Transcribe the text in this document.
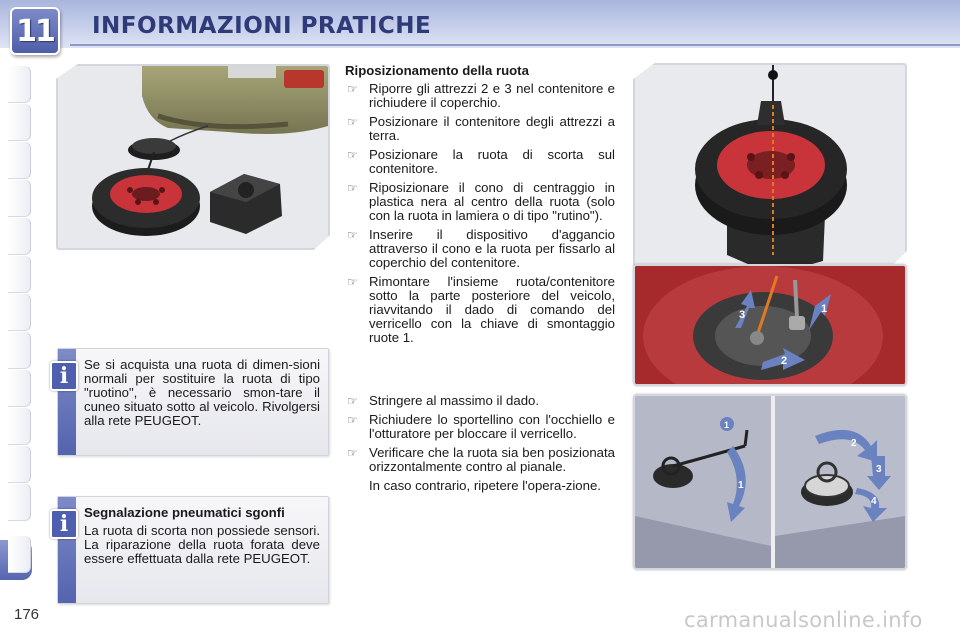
11 INFORMAZIONI PRATICHE
3	1
2
1
1
2
3
4
Riposizionamento della ruota
☞ Riporre gli attrezzi 2 e 3 nel contenitore e richiudere il coperchio.
☞ Posizionare il contenitore degli attrezzi a terra.
☞ Posizionare la ruota di scorta sul contenitore.
☞ Riposizionare il cono di centraggio in plastica nera al centro della ruota (solo con la ruota in lamiera o di tipo "rutino").
☞ Inserire il dispositivo d'aggancio attraverso il cono e la ruota per fissarlo al coperchio del contenitore.
☞ Rimontare l'insieme ruota/contenitore sotto la parte posteriore del veicolo, riavvitando il dado di comando del verricello con la chiave di smontaggio ruote 1.
☞ Stringere al massimo il dado.
☞ Richiudere lo sportellino con l'occhiello e l'otturatore per bloccare il verricello.
☞ Verificare che la ruota sia ben posizionata orizzontalmente contro al pianale.
In caso contrario, ripetere l'opera-zione.
i	Se si acquista una ruota di dimen-sioni normali per sostituire la ruota di tipo "ruotino", è necessario smon-tare il cuneo situato sotto al veicolo. Rivolgersi alla rete PEUGEOT.
i	Segnalazione pneumatici sgonfi
La ruota di scorta non possiede sensori. La riparazione della ruota forata deve essere effettuata dalla rete PEUGEOT.
176	carmanualsonline.info
